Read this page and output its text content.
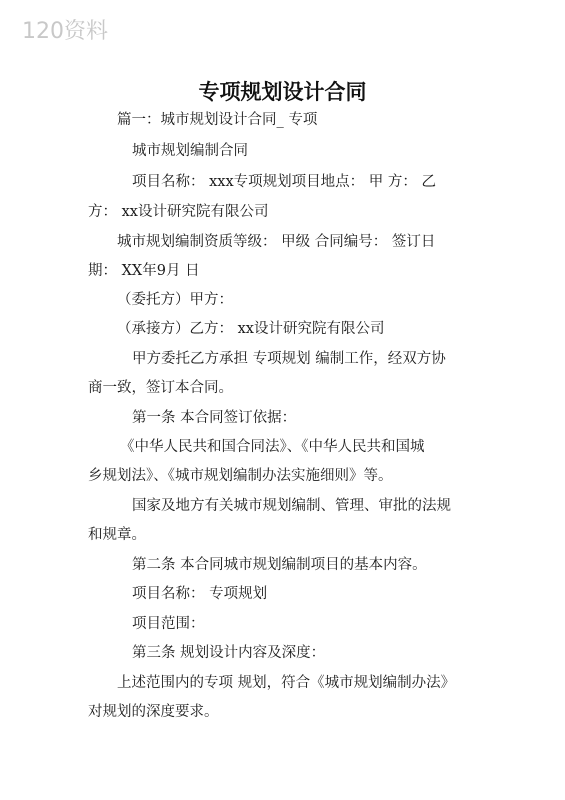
120资料
专项规划设计合同
篇一：城市规划设计合同_ 专项
城市规划编制合同
项目名称： xxx专项规划项目地点： 甲 方： 乙
方： xx设计研究院有限公司
城市规划编制资质等级： 甲级 合同编号： 签订日
期： XX年9月 日
（委托方）甲方：
（承接方）乙方： xx设计研究院有限公司
甲方委托乙方承担 专项规划 编制工作，经双方协
商一致，签订本合同。
第一条 本合同签订依据：
《中华人民共和国合同法》、《中华人民共和国城
乡规划法》、《城市规划编制办法实施细则》等。
国家及地方有关城市规划编制、管理、审批的法规
和规章。
第二条 本合同城市规划编制项目的基本内容。
项目名称： 专项规划
项目范围：
第三条 规划设计内容及深度：
上述范围内的专项 规划，符合《城市规划编制办法》
对规划的深度要求。
